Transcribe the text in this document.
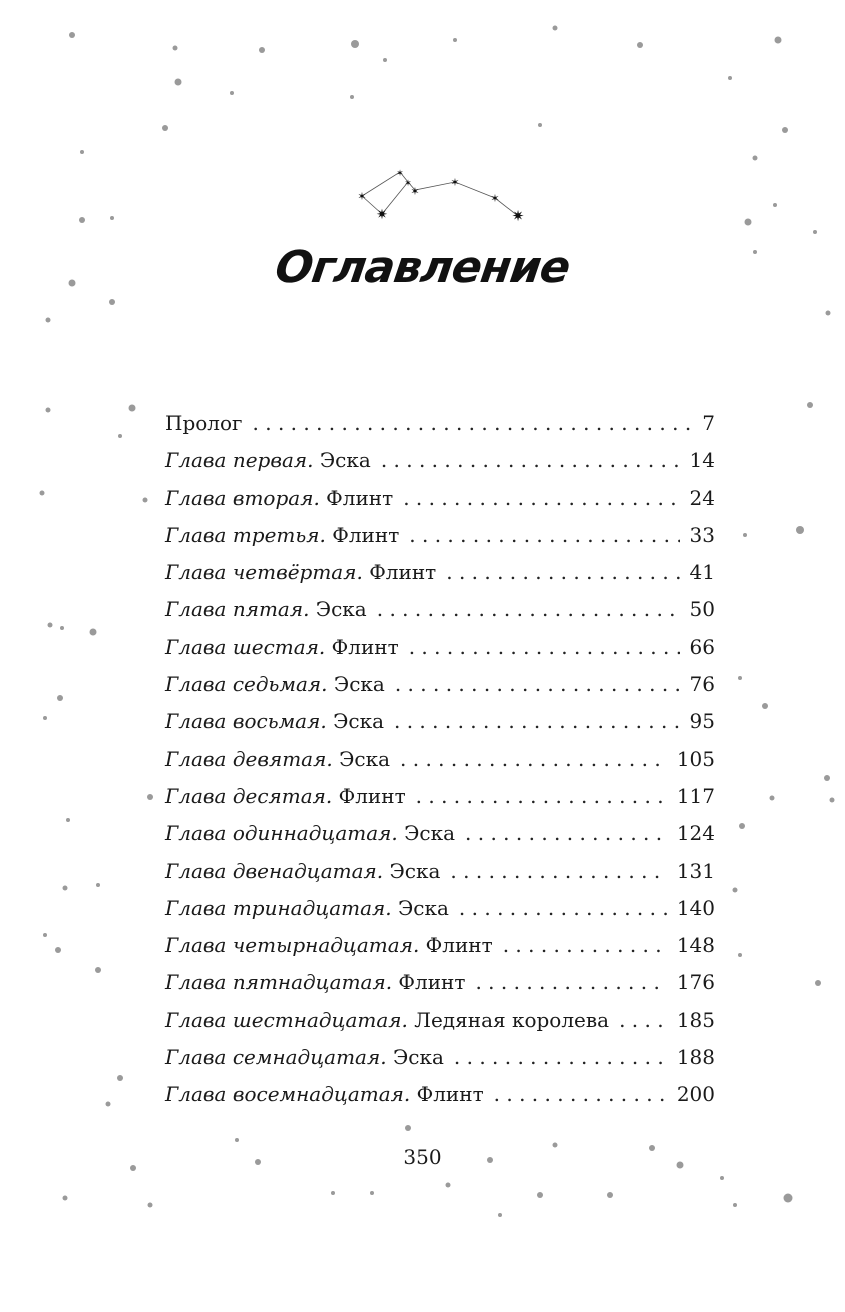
✶
✶
✶
✷
✶
✶
✶
✷
Оглавление
Пролог . . .	7
Глава первая. Эска . . .	14
Глава вторая. Флинт . . .	24
Глава третья. Флинт . . .	33
Глава четвёртая. Флинт . . .	41
Глава пятая. Эска . . .	50
Глава шестая. Флинт . . .	66
Глава седьмая. Эска . . .	76
Глава восьмая. Эска . . .	95
Глава девятая. Эска . . .	105
Глава десятая. Флинт . . .	117
Глава одиннадцатая. Эска . . .	124
Глава двенадцатая. Эска . . .	131
Глава тринадцатая. Эска . . .	140
Глава четырнадцатая. Флинт . . .	148
Глава пятнадцатая. Флинт . . .	176
Глава шестнадцатая. Ледяная королева . . .	185
Глава семнадцатая. Эска . . .	188
Глава восемнадцатая. Флинт . . .	200
350
